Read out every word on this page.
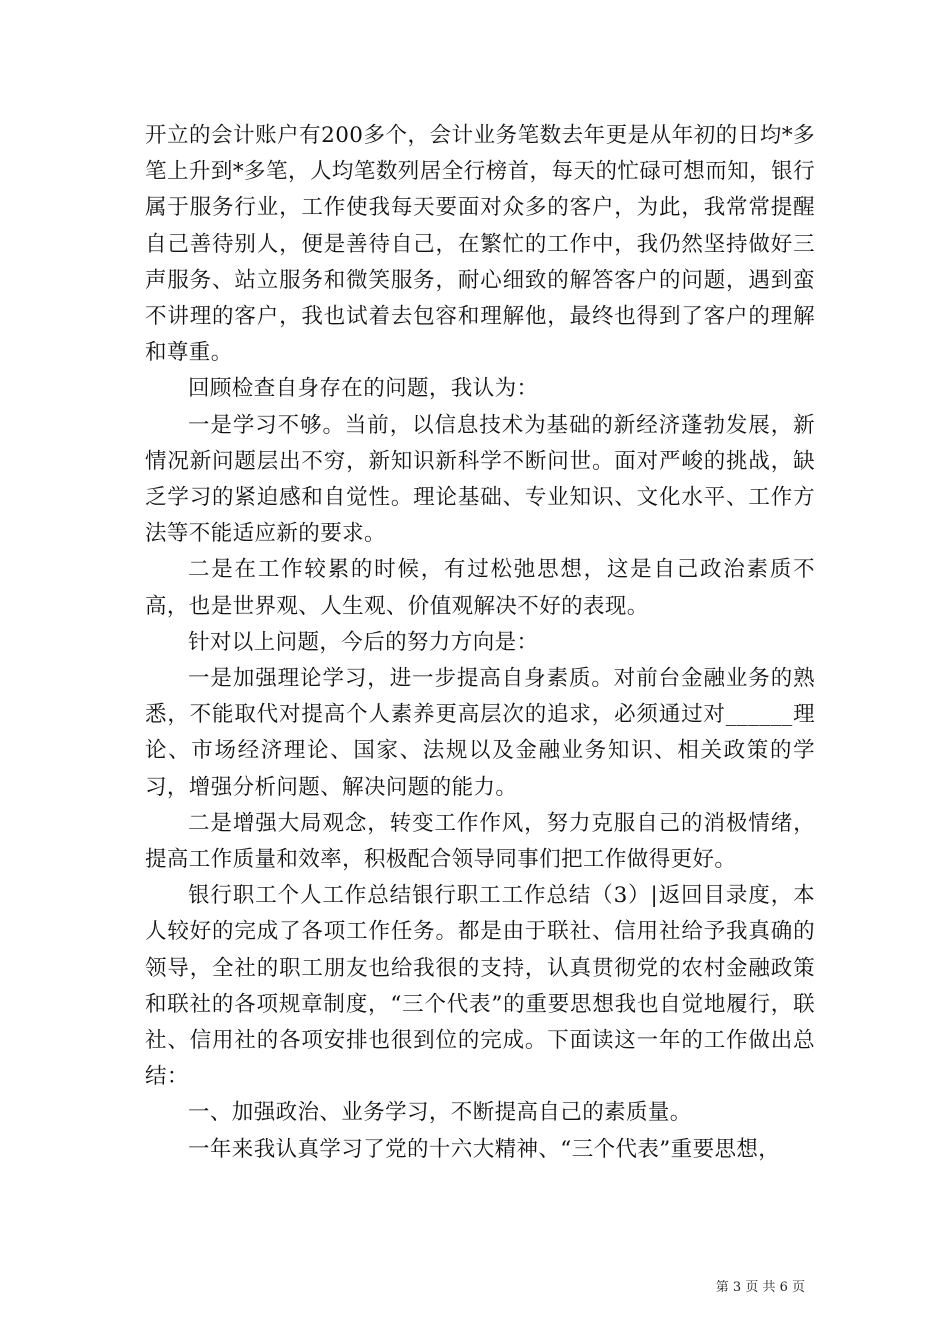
开立的会计账户有200多个，会计业务笔数去年更是从年初的日均*多笔上升到*多笔，人均笔数列居全行榜首，每天的忙碌可想而知，银行属于服务行业，工作使我每天要面对众多的客户，为此，我常常提醒自己善待别人，便是善待自己，在繁忙的工作中，我仍然坚持做好三声服务、站立服务和微笑服务，耐心细致的解答客户的问题，遇到蛮不讲理的客户，我也试着去包容和理解他，最终也得到了客户的理解和尊重。

回顾检查自身存在的问题，我认为：

一是学习不够。当前，以信息技术为基础的新经济蓬勃发展，新情况新问题层出不穷，新知识新科学不断问世。面对严峻的挑战，缺乏学习的紧迫感和自觉性。理论基础、专业知识、文化水平、工作方法等不能适应新的要求。

二是在工作较累的时候，有过松弛思想，这是自己政治素质不高，也是世界观、人生观、价值观解决不好的表现。

针对以上问题，今后的努力方向是：

一是加强理论学习，进一步提高自身素质。对前台金融业务的熟悉，不能取代对提高个人素养更高层次的追求，必须通过对______理论、市场经济理论、国家、法规以及金融业务知识、相关政策的学习，增强分析问题、解决问题的能力。

二是增强大局观念，转变工作作风，努力克服自己的消极情绪，提高工作质量和效率，积极配合领导同事们把工作做得更好。

银行职工个人工作总结银行职工工作总结（3）|返回目录度，本人较好的完成了各项工作任务。都是由于联社、信用社给予我真确的领导，全社的职工朋友也给我很的支持，认真贯彻党的农村金融政策和联社的各项规章制度，“三个代表”的重要思想我也自觉地履行，联社、信用社的各项安排也很到位的完成。下面读这一年的工作做出总结：

一、加强政治、业务学习，不断提高自己的素质量。

一年来我认真学习了党的十六大精神、“三个代表”重要思想，

第 3 页 共 6 页
